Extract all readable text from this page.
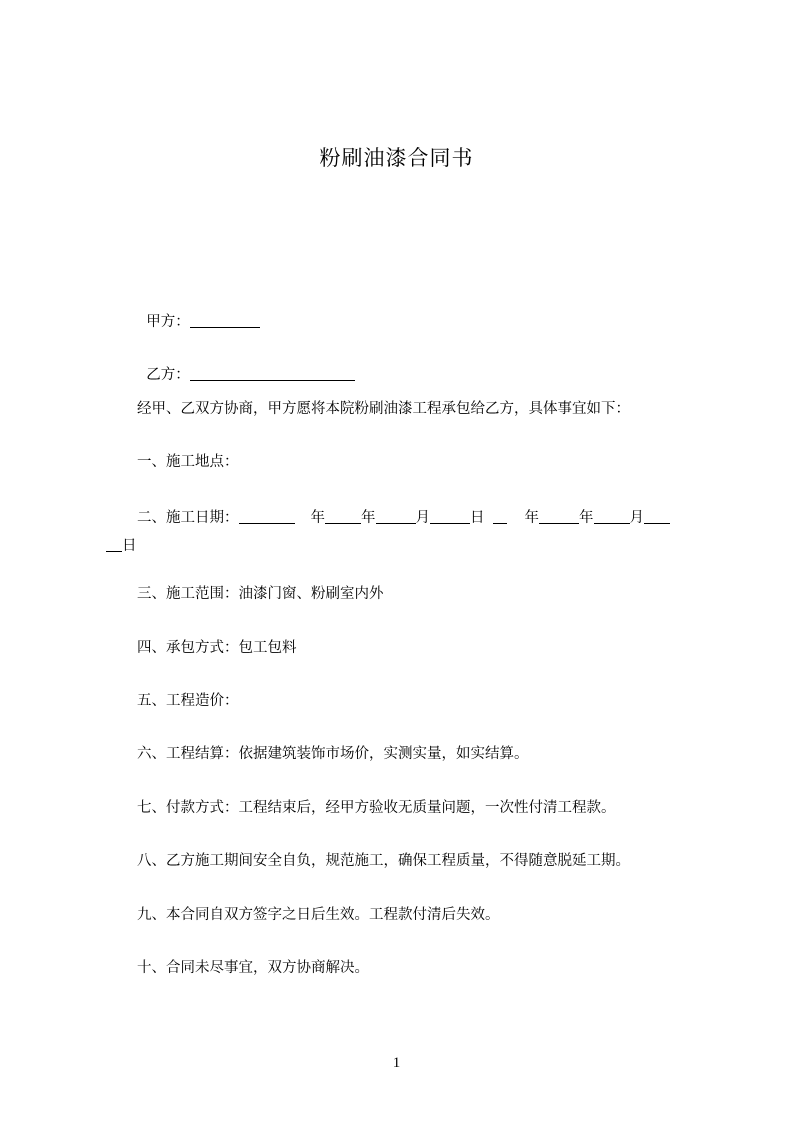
粉刷油漆合同书

甲方：

乙方：

经甲、乙双方协商，甲方愿将本院粉刷油漆工程承包给乙方，具体事宜如下：
一、施工地点：
二、施工日期：	年 年	月	日	年	年 月
日
三、施工范围：油漆门窗、粉刷室内外
四、承包方式：包工包料
五、工程造价：
六、工程结算：依据建筑装饰市场价，实测实量，如实结算。
七、付款方式：工程结束后，经甲方验收无质量问题，一次性付清工程款。
八、乙方施工期间安全自负，规范施工，确保工程质量，不得随意脱延工期。
九、本合同自双方签字之日后生效。工程款付清后失效。
十、合同未尽事宜，双方协商解决。
1
